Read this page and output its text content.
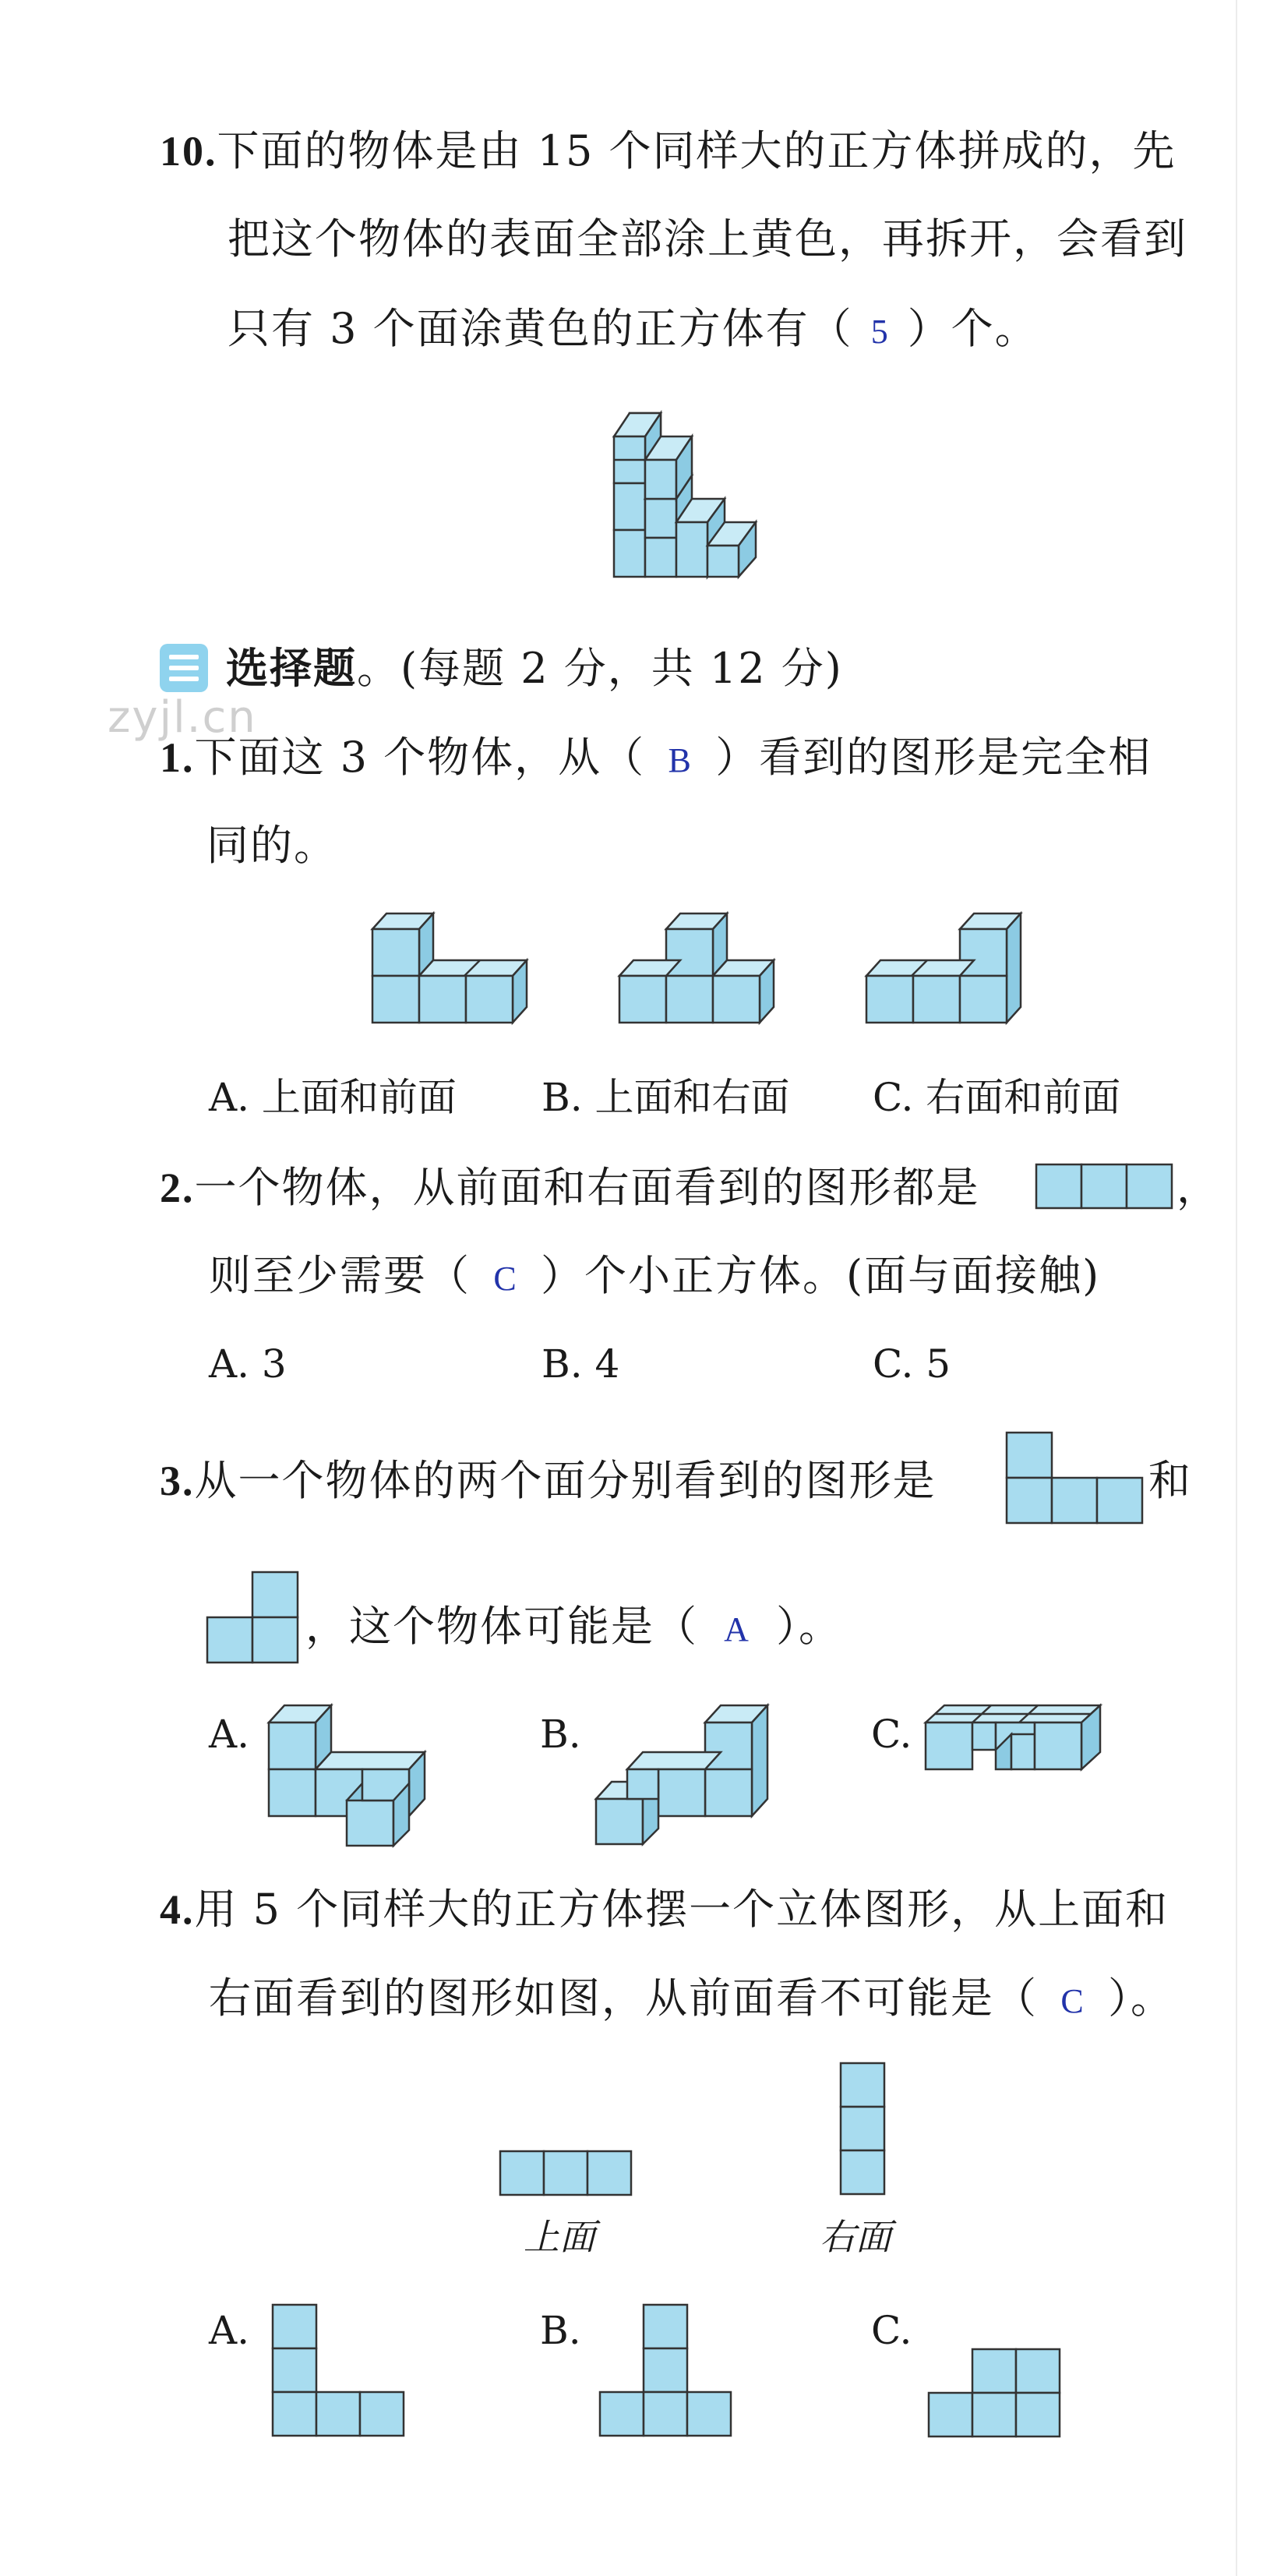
zyjl.cn
10.下面的物体是由 15 个同样大的正方体拼成的，先
把这个物体的表面全部涂上黄色，再拆开，会看到
只有 3 个面涂黄色的正方体有（ 5 ）个。
选择题。(每题 2 分，共 12 分)
1.下面这 3 个物体，从（ B ）看到的图形是完全相
同的。
A. 上面和前面 B. 上面和右面 C. 右面和前面
2.一个物体，从前面和右面看到的图形都是	，
则至少需要（ C ）个小正方体。(面与面接触)
A. 3	B. 4	C. 5
3.从一个物体的两个面分别看到的图形是	和
，这个物体可能是（ A ）。
A.	B.	C.
4.用 5 个同样大的正方体摆一个立体图形，从上面和
右面看到的图形如图，从前面看不可能是（ C ）。
上面	右面
A.	B.	C.
